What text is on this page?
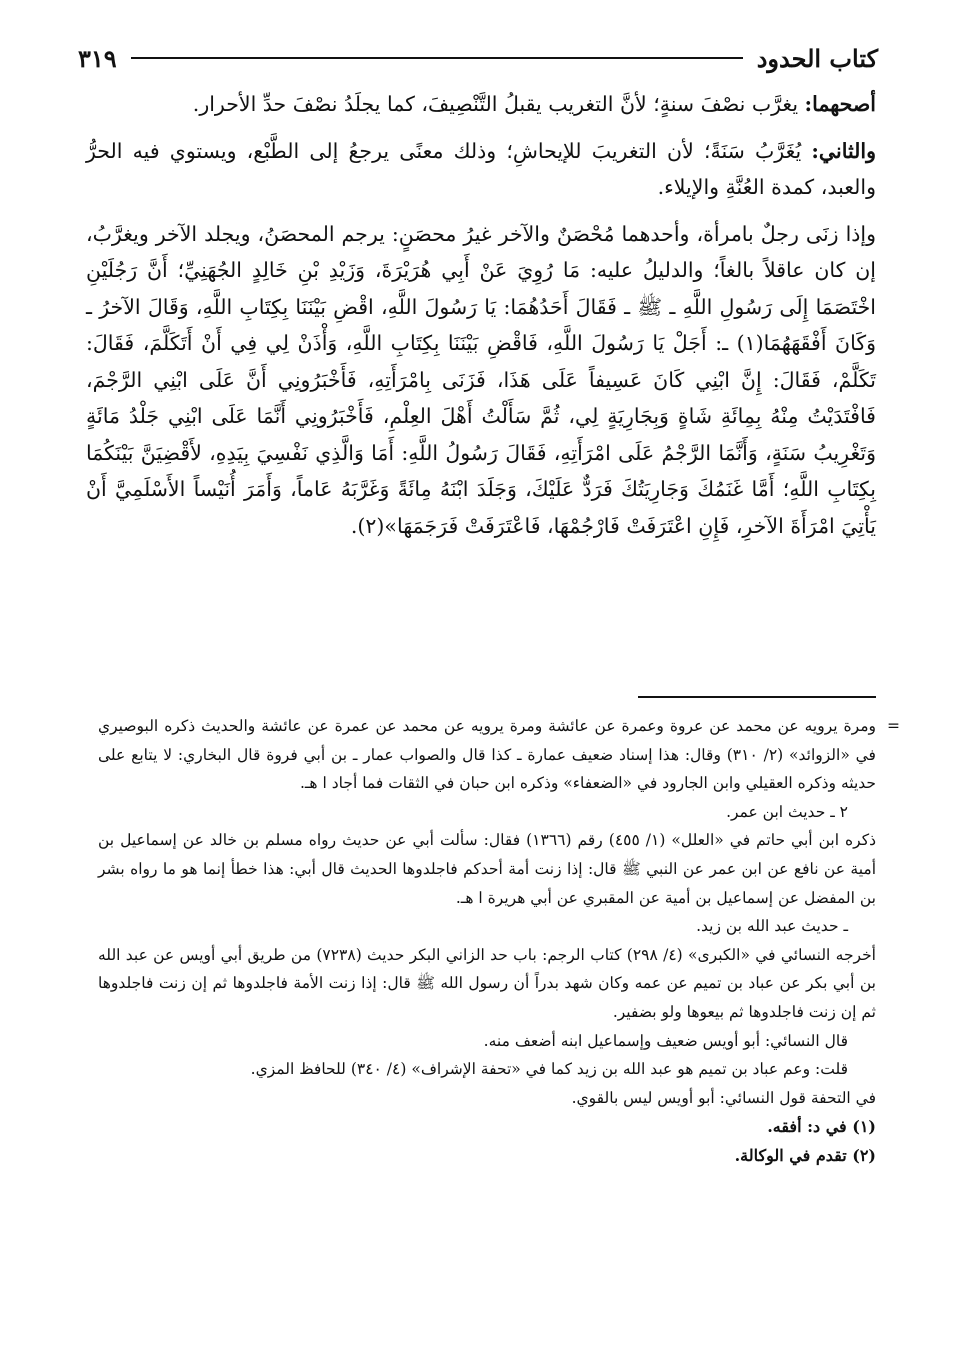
كتاب الحدود
٣١٩

أصحهما: يغرَّب نصْفَ سنةٍ؛ لأنَّ التغريب يقبلُ التَّنْصِيفَ، كما يجلَدُ نصْفَ حدِّ الأحرار.

والثاني: يُغَرَّبُ سَنَةً؛ لأن التغريبَ للإيحاشِ؛ وذلك معنًى يرجعُ إلى الطَّبْع، ويستوي فيه الحرُّ والعبد، كمدة العُنَّةِ والإيلاء.

وإذا زنَى رجلٌ بامرأة، وأحدهما مُحْصَنٌ والآخر غيرُ محصَنٍ: يرجم المحصَنُ، ويجلد الآخر ويغرَّبُ، إن كان عاقلاً بالغاً؛ والدليلُ عليه: مَا رُوِيَ عَنْ أَبِي هُرَيْرَةَ، وَزَيْدِ بْنِ خَالِدٍ الجُهَنِيِّ؛ أَنَّ رَجُلَيْنِ اخْتَصَمَا إِلَى رَسُولِ اللَّهِ ـ ﷺ ـ فَقَالَ أَحَدُهُمَا: يَا رَسُولَ اللَّهِ، اقْضِ بَيْنَنَا بِكِتَابِ اللَّهِ، وَقَالَ الآخرُ ـ وَكَانَ أَفْقَهَهُمَا(١) ـ: أَجَلْ يَا رَسُولَ اللَّهِ، فَاقْضِ بَيْنَنَا بِكِتَابِ اللَّهِ، وَأْذَنْ لِي فِي أَنْ أَتَكَلَّمَ، فَقَالَ: تَكَلَّمْ، فَقَالَ: إِنَّ ابْنِي كَانَ عَسِيفاً عَلَى هَذَا، فَزَنَى بِامْرَأَتِهِ، فَأَخْبَرُونِي أَنَّ عَلَى ابْنِي الرَّجْمَ، فَافْتَدَيْتُ مِنْهُ بِمِائَةِ شَاةٍ وَبِجَارِيَةٍ لِي، ثُمَّ سَأَلْتُ أَهْلَ العِلْمِ، فَأَخْبَرُونِي أَنَّمَا عَلَى ابْنِي جَلْدُ مَائَةٍ وَتَغْرِيبُ سَنَةٍ، وَأَنَّمَا الرَّجْمُ عَلَى امْرَأَتِهِ، فَقَالَ رَسُولُ اللَّهِ: أَمَا وَالَّذِي نَفْسِيَ بِيَدِهِ، لأَقْضِيَنَّ بَيْنَكُمَا بِكِتَابِ اللَّهِ؛ أَمَّا غَنَمُكَ وَجَارِيَتُكَ فَرَدٌّ عَلَيْكَ، وَجَلَدَ ابْنَهُ مِائَةً وَغَرَّبَهُ عَاماً، وَأَمَرَ أُنَيْساً الأَسْلَمِيَّ أَنْ يَأْتِيَ امْرَأَةَ الآخرِ، فَإِنِ اعْتَرَفَتْ فَارْجُمْهَا، فَاعْتَرَفَتْ فَرَجَمَهَا»(٢).

=

ومرة يرويه عن محمد عن عروة وعمرة عن عائشة ومرة يرويه عن محمد عن عمرة عن عائشة والحديث ذكره البوصيري في «الزوائد» (٢/ ٣١٠) وقال: هذا إسناد ضعيف عمارة ـ كذا قال والصواب عمار ـ بن أبي فروة قال البخاري: لا يتابع على حديثه وذكره العقيلي وابن الجارود في «الضعفاء» وذكره ابن حبان في الثقات فما أجاد ا هـ.

٢ ـ حديث ابن عمر.

ذكره ابن أبي حاتم في «العلل» (١/ ٤٥٥) رقم (١٣٦٦) فقال: سألت أبي عن حديث رواه مسلم بن خالد عن إسماعيل بن أمية عن نافع عن ابن عمر عن النبي ﷺ قال: إذا زنت أمة أحدكم فاجلدوها الحديث قال أبي: هذا خطأ إنما هو ما رواه بشر بن المفضل عن إسماعيل بن أمية عن المقبري عن أبي هريرة ا هـ.

ـ حديث عبد الله بن زيد.

أخرجه النسائي في «الكبرى» (٤/ ٢٩٨) كتاب الرجم: باب حد الزاني البكر حديث (٧٢٣٨) من طريق أبي أويس عن عبد الله بن أبي بكر عن عباد بن تميم عن عمه وكان شهد بدراً أن رسول الله ﷺ قال: إذا زنت الأمة فاجلدوها ثم إن زنت فاجلدوها ثم إن زنت فاجلدوها ثم بيعوها ولو بضفير.

قال النسائي: أبو أويس ضعيف وإسماعيل ابنه أضعف منه.

قلت: وعم عباد بن تميم هو عبد الله بن زيد كما في «تحفة الإشراف» (٤/ ٣٤٠) للحافظ المزي.

في التحفة قول النسائي: أبو أويس ليس بالقوي.

(١) في د: أفقه.

(٢) تقدم في الوكالة.
